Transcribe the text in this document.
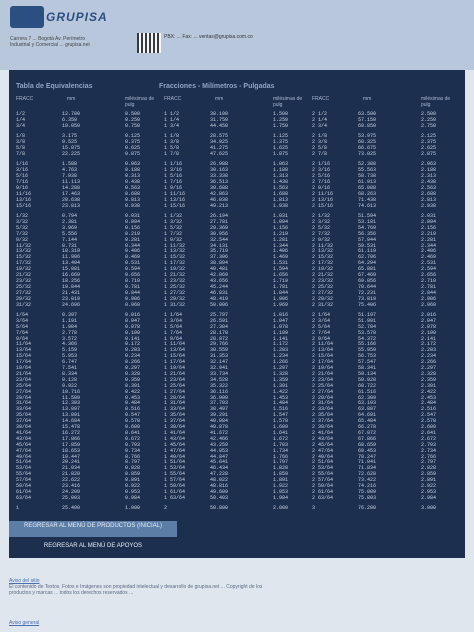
GRUPISA
Carrera 7 ... Bogotá Av. Perímetro Industrial y Comercial ... grupisa.net
PBX: ... Fax: ... ventas@grupisa.com.co
Tabla de Equivalencias	Fracciones - Milímetros - Pulgadas
FRACC	mm	milésimas de pulg
FRACC	mm	milésimas de pulg
FRACC	mm	milésimas de pulg
1/2	12.700	0.500	1 1/2	38.100	1.500	2 1/2	63.500	2.500
1/4	6.350	0.250	1 1/4	31.750	1.250	2 1/4	57.150	2.250
3/4	19.050	0.750	1 3/4	44.450	1.750	2 3/4	69.850	2.750
1/8	3.175	0.125	1 1/8	28.575	1.125	2 1/8	53.975	2.125
3/8	9.525	0.375	1 3/8	34.925	1.375	2 3/8	60.325	2.375
5/8	15.875	0.625	1 5/8	41.275	1.625	2 5/8	66.675	2.625
7/8	22.225	0.875	1 7/8	47.625	1.875	2 7/8	73.025	2.875
1/16	1.588	0.063	1 1/16	26.988	1.063	2 1/16	52.388	2.063
3/16	4.763	0.188	1 3/16	30.163	1.188	2 3/16	55.563	2.188
5/16	7.938	0.313	1 5/16	33.338	1.313	2 5/16	58.738	2.313
7/16	11.113	0.438	1 7/16	36.513	1.438	2 7/16	61.913	2.438
9/16	14.288	0.563	1 9/16	39.688	1.563	2 9/16	65.088	2.563
11/16	17.463	0.688	1 11/16	42.863	1.688	2 11/16	68.263	2.688
13/16	20.638	0.813	1 13/16	46.038	1.813	2 13/16	71.438	2.813
15/16	23.813	0.938	1 15/16	49.213	1.938	2 15/16	74.613	2.938
1/32	0.794	0.031	1 1/32	26.194	1.031	2 1/32	51.594	2.031
3/32	2.381	0.094	1 3/32	27.781	1.094	2 3/32	53.181	2.094
5/32	3.969	0.156	1 5/32	29.369	1.156	2 5/32	54.769	2.156
7/32	5.556	0.219	1 7/32	30.956	1.219	2 7/32	56.356	2.219
9/32	7.144	0.281	1 9/32	32.544	1.281	2 9/32	57.944	2.281
11/32	8.731	0.344	1 11/32	34.131	1.344	2 11/32	59.531	2.344
13/32	10.319	0.406	1 13/32	35.719	1.406	2 13/32	61.119	2.406
15/32	11.906	0.469	1 15/32	37.306	1.469	2 15/32	62.706	2.469
17/32	13.494	0.531	1 17/32	38.894	1.531	2 17/32	64.294	2.531
19/32	15.081	0.594	1 19/32	40.481	1.594	2 19/32	65.881	2.594
21/32	16.669	0.656	1 21/32	42.069	1.656	2 21/32	67.469	2.656
23/32	18.256	0.719	1 23/32	43.656	1.719	2 23/32	69.056	2.719
25/32	19.844	0.781	1 25/32	45.244	1.781	2 25/32	70.644	2.781
27/32	21.431	0.844	1 27/32	46.831	1.844	2 27/32	72.231	2.844
29/32	23.019	0.906	1 29/32	48.419	1.906	2 29/32	73.819	2.906
31/32	24.606	0.969	1 31/32	50.006	1.969	2 31/32	75.406	2.969
1/64	0.397	0.016	1 1/64	25.797	1.016	2 1/64	51.197	2.016
3/64	1.191	0.047	1 3/64	26.591	1.047	2 3/64	51.991	2.047
5/64	1.984	0.078	1 5/64	27.384	1.078	2 5/64	52.784	2.078
7/64	2.778	0.109	1 7/64	28.178	1.109	2 7/64	53.578	2.109
9/64	3.572	0.141	1 9/64	28.972	1.141	2 9/64	54.372	2.141
11/64	4.366	0.172	1 11/64	29.766	1.172	2 11/64	55.166	2.172
13/64	5.159	0.203	1 13/64	30.559	1.203	2 13/64	55.959	2.203
15/64	5.953	0.234	1 15/64	31.353	1.234	2 15/64	56.753	2.234
17/64	6.747	0.266	1 17/64	32.147	1.266	2 17/64	57.547	2.266
19/64	7.541	0.297	1 19/64	32.941	1.297	2 19/64	58.341	2.297
21/64	8.334	0.328	1 21/64	33.734	1.328	2 21/64	59.134	2.328
23/64	9.128	0.359	1 23/64	34.528	1.359	2 23/64	59.928	2.359
25/64	9.922	0.391	1 25/64	35.322	1.391	2 25/64	60.722	2.391
27/64	10.716	0.422	1 27/64	36.116	1.422	2 27/64	61.516	2.422
29/64	11.509	0.453	1 29/64	36.909	1.453	2 29/64	62.309	2.453
31/64	12.303	0.484	1 31/64	37.703	1.484	2 31/64	63.103	2.484
33/64	13.097	0.516	1 33/64	38.497	1.516	2 33/64	63.897	2.516
35/64	13.891	0.547	1 35/64	39.291	1.547	2 35/64	64.691	2.547
37/64	14.684	0.578	1 37/64	40.084	1.578	2 37/64	65.484	2.578
39/64	15.478	0.609	1 39/64	40.878	1.609	2 39/64	66.278	2.609
41/64	16.272	0.641	1 41/64	41.672	1.641	2 41/64	67.072	2.641
43/64	17.066	0.672	1 43/64	42.466	1.672	2 43/64	67.866	2.672
45/64	17.859	0.703	1 45/64	43.259	1.703	2 45/64	68.659	2.703
47/64	18.653	0.734	1 47/64	44.053	1.734	2 47/64	69.453	2.734
49/64	19.447	0.766	1 49/64	44.847	1.766	2 49/64	70.247	2.766
51/64	20.241	0.797	1 51/64	45.641	1.797	2 51/64	71.041	2.797
53/64	21.034	0.828	1 53/64	46.434	1.828	2 53/64	71.834	2.828
55/64	21.828	0.859	1 55/64	47.228	1.859	2 55/64	72.628	2.859
57/64	22.622	0.891	1 57/64	48.022	1.891	2 57/64	73.422	2.891
59/64	23.416	0.922	1 59/64	48.816	1.922	2 59/64	74.216	2.922
61/64	24.209	0.953	1 61/64	49.609	1.953	2 61/64	75.009	2.953
63/64	25.003	0.984	1 63/64	50.403	1.984	2 63/64	75.803	2.984
1	25.400	1.000	2	50.800	2.000	3	76.200	3.000
REGRESAR AL MENÚ DE PRODUCTOS (INICIAL)
REGRESAR AL MENÚ DE APOYOS
Aviso del sitio
El contenido de Textos, Fotos e Imágenes son propiedad intelectual y desarrollo de grupisa.net ... Copyright de los productos y marcas ... todos los derechos reservados ...
Aviso general
